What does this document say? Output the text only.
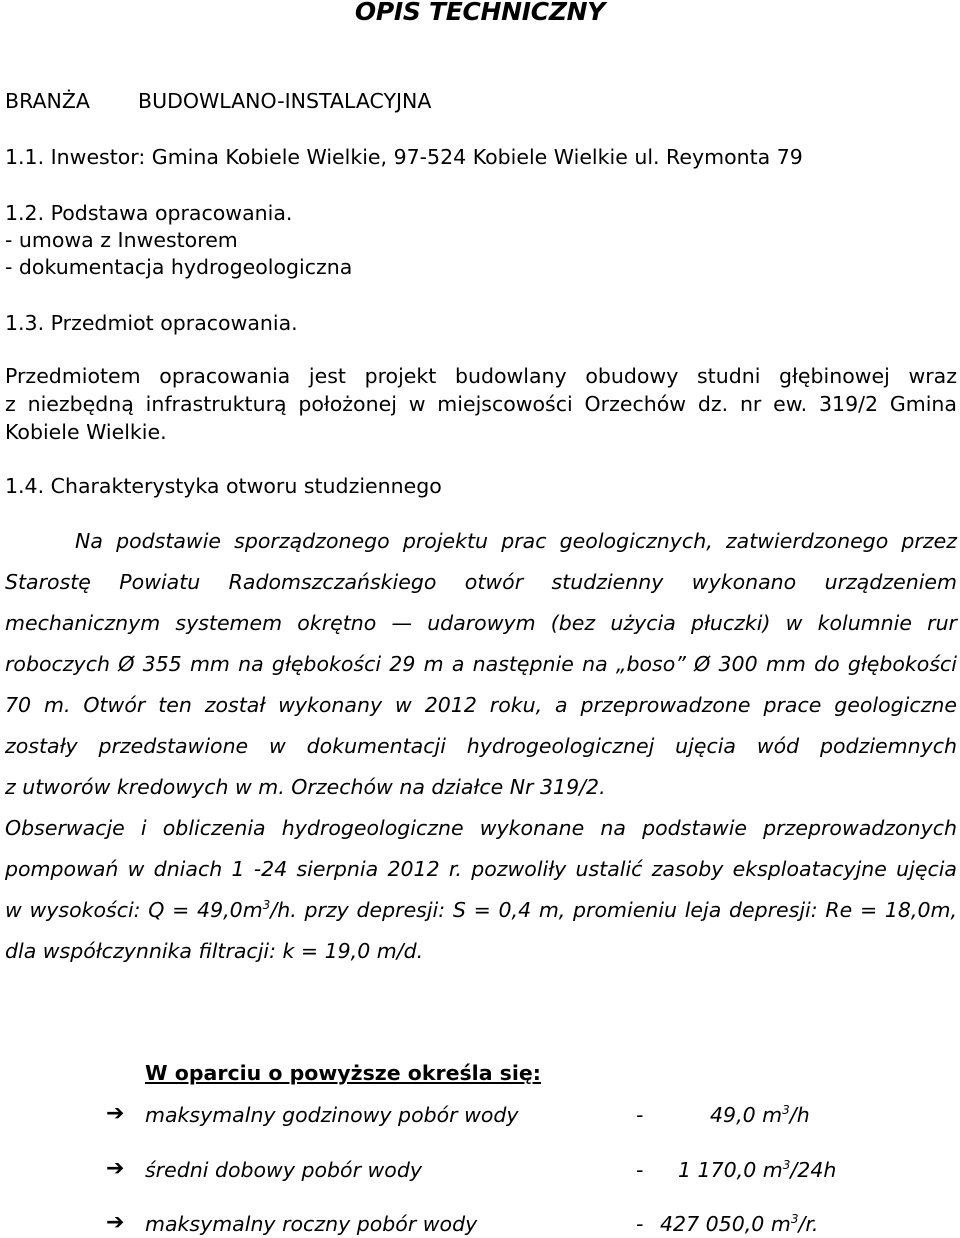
OPIS TECHNICZNY
BRANŻA BUDOWLANO-INSTALACYJNA
1.1. Inwestor: Gmina Kobiele Wielkie, 97-524 Kobiele Wielkie ul. Reymonta 79
1.2. Podstawa opracowania.
- umowa z Inwestorem
- dokumentacja hydrogeologiczna
1.3. Przedmiot opracowania.
Przedmiotem opracowania jest projekt budowlany obudowy studni głębinowej wraz
z niezbędną infrastrukturą położonej w miejscowości Orzechów dz. nr ew. 319/2 Gmina
Kobiele Wielkie.
1.4. Charakterystyka otworu studziennego
Na podstawie sporządzonego projektu prac geologicznych, zatwierdzonego przez
Starostę Powiatu Radomszczańskiego otwór studzienny wykonano urządzeniem
mechanicznym systemem okrętno — udarowym (bez użycia płuczki) w kolumnie rur
roboczych Ø 355 mm na głębokości 29 m a następnie na „boso” Ø 300 mm do głębokości
70 m. Otwór ten został wykonany w 2012 roku, a przeprowadzone prace geologiczne
zostały przedstawione w dokumentacji hydrogeologicznej ujęcia wód podziemnych
z utworów kredowych w m. Orzechów na działce Nr 319/2.
Obserwacje i obliczenia hydrogeologiczne wykonane na podstawie przeprowadzonych
pompowań w dniach 1 -24 sierpnia 2012 r. pozwoliły ustalić zasoby eksploatacyjne ujęcia
w wysokości: $Q = 49,0m^3/h$. przy depresji: S = 0,4 m, promieniu leja depresji: Re = 18,0m,
dla współczynnika filtracji: k = 19,0 m/d.
W oparciu o powyższe określa się:
➔ maksymalny godzinowy pobór wody	-	49,0 $m^3/h$
➔ średni dobowy pobór wody	- 1 170,0 $m^3/24h$
➔ maksymalny roczny pobór wody	- 427 050,0 $m^3/r$.
